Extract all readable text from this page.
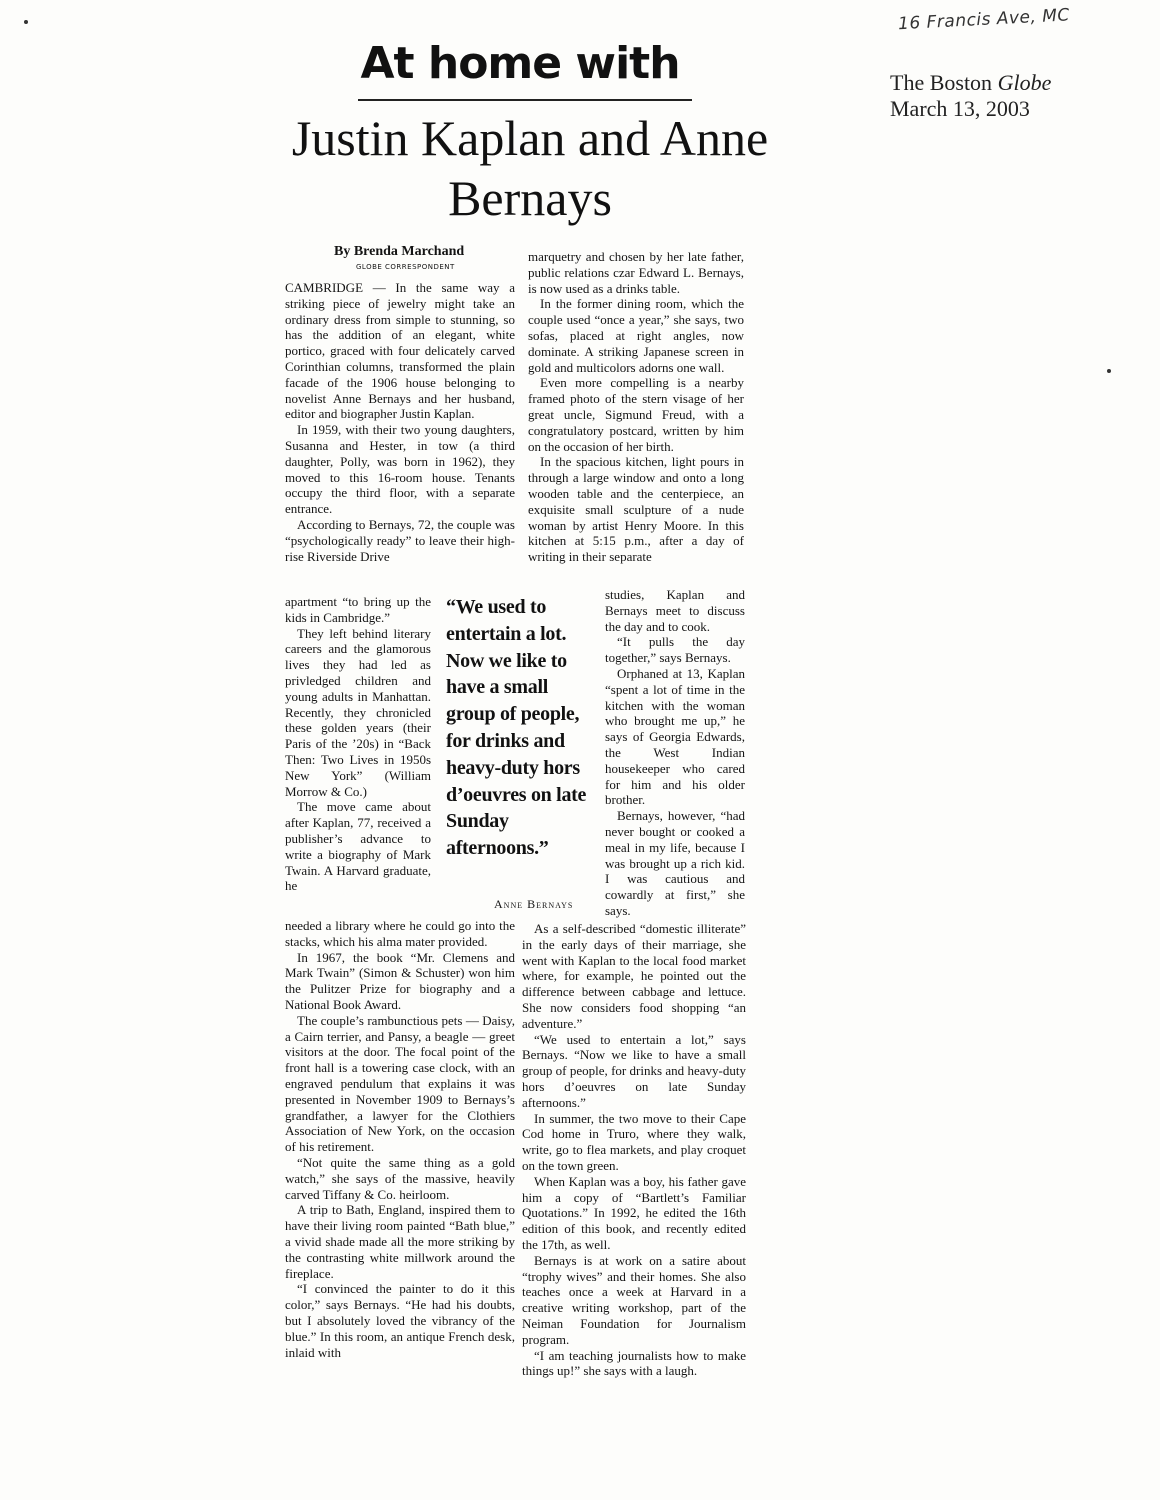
16 Francis Ave, MC
The Boston Globe
March 13, 2003
At home with
Justin Kaplan and Anne Bernays
By Brenda Marchand
GLOBE CORRESPONDENT

CAMBRIDGE — In the same way a striking piece of jewelry might take an ordinary dress from simple to stunning, so has the addition of an elegant, white portico, graced with four delicately carved Corinthian columns, transformed the plain facade of the 1906 house belonging to novelist Anne Bernays and her husband, editor and biographer Justin Kaplan.

In 1959, with their two young daughters, Susanna and Hester, in tow (a third daughter, Polly, was born in 1962), they moved to this 16-room house. Tenants occupy the third floor, with a separate entrance.

According to Bernays, 72, the couple was “psychologically ready” to leave their high-rise Riverside Drive

apartment “to bring up the kids in Cambridge.”

They left behind literary careers and the glamorous lives they had led as privledged children and young adults in Manhattan. Recently, they chronicled these golden years (their Paris of the ’20s) in “Back Then: Two Lives in 1950s New York” (William Morrow & Co.)

The move came about after Kaplan, 77, received a publisher’s advance to write a biography of Mark Twain. A Harvard graduate, he

needed a library where he could go into the stacks, which his alma mater provided.

In 1967, the book “Mr. Clemens and Mark Twain” (Simon & Schuster) won him the Pulitzer Prize for biography and a National Book Award.

The couple’s rambunctious pets — Daisy, a Cairn terrier, and Pansy, a beagle — greet visitors at the door. The focal point of the front hall is a towering case clock, with an engraved pendulum that explains it was presented in November 1909 to Bernays’s grandfather, a lawyer for the Clothiers Association of New York, on the occasion of his retirement.

“Not quite the same thing as a gold watch,” she says of the massive, heavily carved Tiffany & Co. heirloom.

A trip to Bath, England, inspired them to have their living room painted “Bath blue,” a vivid shade made all the more striking by the contrasting white millwork around the fireplace.

“I convinced the painter to do it this color,” says Bernays. “He had his doubts, but I absolutely loved the vibrancy of the blue.” In this room, an antique French desk, inlaid with

marquetry and chosen by her late father, public relations czar Edward L. Bernays, is now used as a drinks table.

In the former dining room, which the couple used “once a year,” she says, two sofas, placed at right angles, now dominate. A striking Japanese screen in gold and multicolors adorns one wall.

Even more compelling is a nearby framed photo of the stern visage of her great uncle, Sigmund Freud, with a congratulatory postcard, written by him on the occasion of her birth.

In the spacious kitchen, light pours in through a large window and onto a long wooden table and the centerpiece, an exquisite small sculpture of a nude woman by artist Henry Moore. In this kitchen at 5:15 p.m., after a day of writing in their separate

studies, Kaplan and Bernays meet to discuss the day and to cook.

“It pulls the day together,” says Bernays.

Orphaned at 13, Kaplan “spent a lot of time in the kitchen with the woman who brought me up,” he says of Georgia Edwards, the West Indian housekeeper who cared for him and his older brother.

Bernays, however, “had never bought or cooked a meal in my life, because I was brought up a rich kid. I was cautious and cowardly at first,” she says.

As a self-described “domestic illiterate” in the early days of their marriage, she went with Kaplan to the local food market where, for example, he pointed out the difference between cabbage and lettuce. She now considers food shopping “an adventure.”

“We used to entertain a lot,” says Bernays. “Now we like to have a small group of people, for drinks and heavy-duty hors d’oeuvres on late Sunday afternoons.”

In summer, the two move to their Cape Cod home in Truro, where they walk, write, go to flea markets, and play croquet on the town green.

When Kaplan was a boy, his father gave him a copy of “Bartlett’s Familiar Quotations.” In 1992, he edited the 16th edition of this book, and recently edited the 17th, as well.

Bernays is at work on a satire about “trophy wives” and their homes. She also teaches once a week at Harvard in a creative writing workshop, part of the Neiman Foundation for Journalism program.

“I am teaching journalists how to make things up!” she says with a laugh.

“We used to entertain a lot. Now we like to have a small group of people, for drinks and heavy-duty hors d’oeuvres on late Sunday afternoons.”
Anne Bernays
